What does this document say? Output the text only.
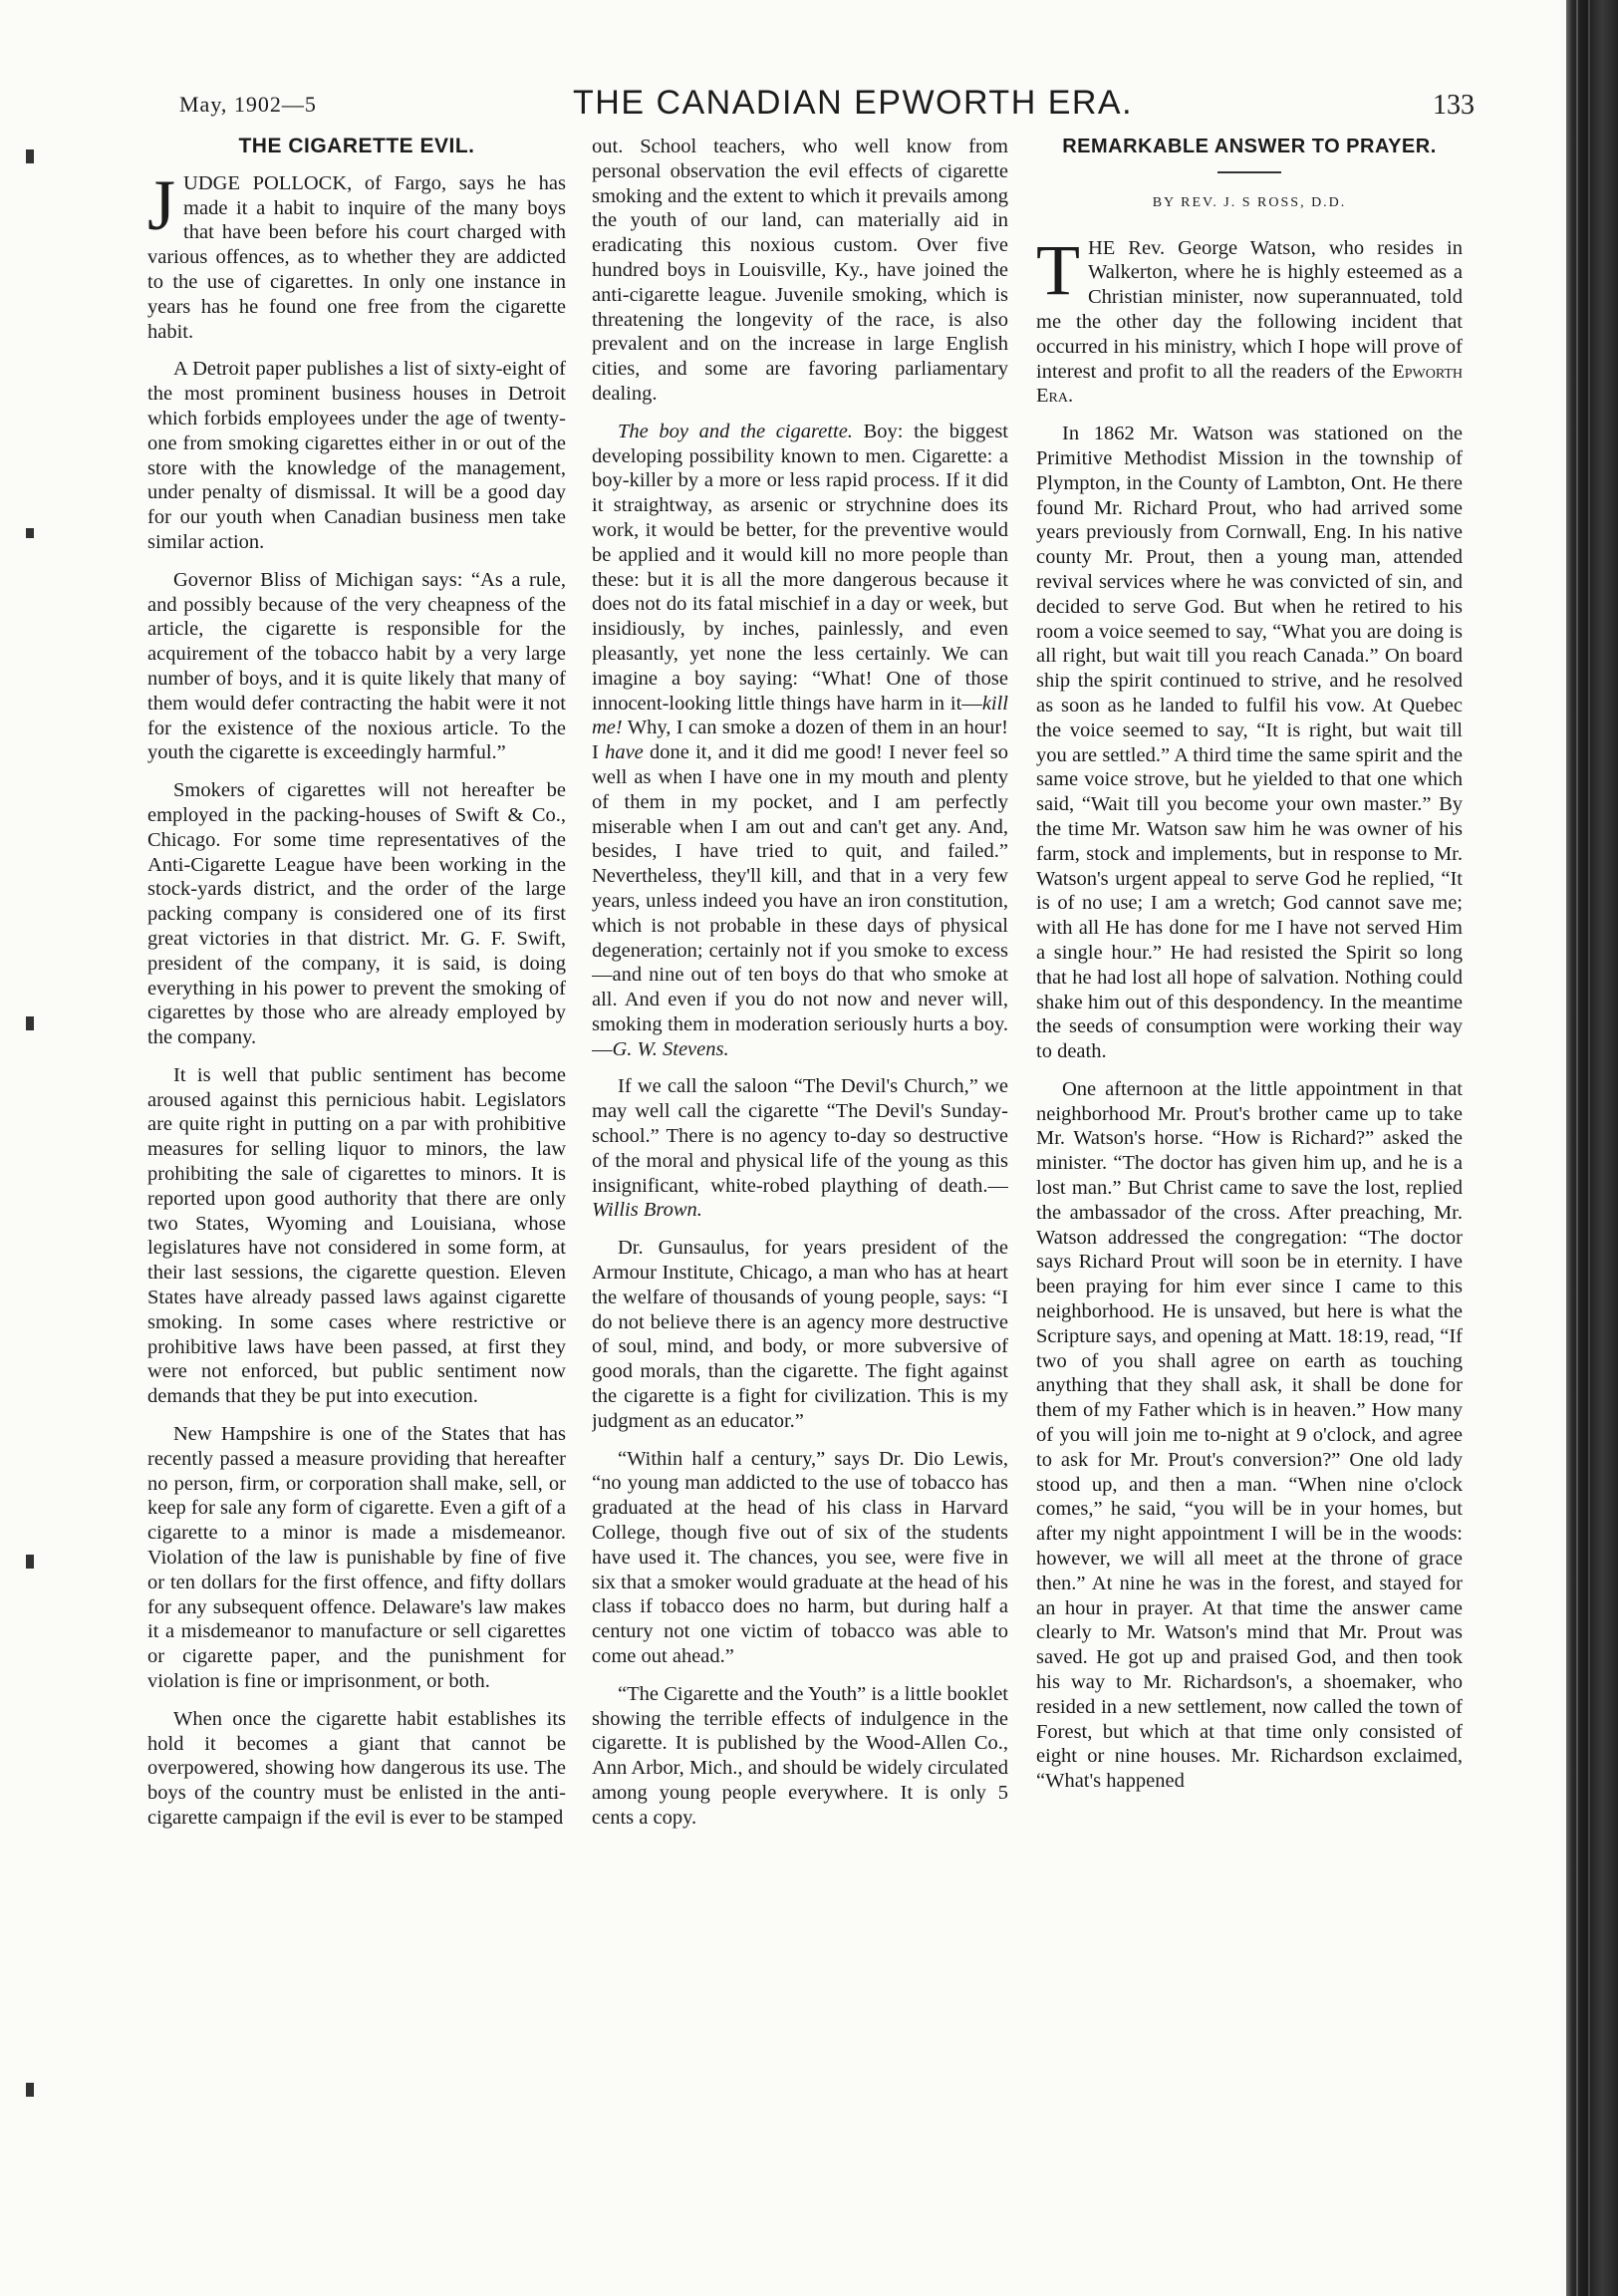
May, 1902—5	THE CANADIAN EPWORTH ERA.	133
THE CIGARETTE EVIL.

JUDGE POLLOCK, of Fargo, says he has made it a habit to inquire of the many boys that have been before his court charged with various offences, as to whether they are addicted to the use of cigarettes. In only one instance in years has he found one free from the cigarette habit.

A Detroit paper publishes a list of sixty-eight of the most prominent business houses in Detroit which forbids employees under the age of twenty-one from smoking cigarettes either in or out of the store with the knowledge of the management, under penalty of dismissal. It will be a good day for our youth when Canadian business men take similar action.

Governor Bliss of Michigan says: “As a rule, and possibly because of the very cheapness of the article, the cigarette is responsible for the acquirement of the tobacco habit by a very large number of boys, and it is quite likely that many of them would defer contracting the habit were it not for the existence of the noxious article. To the youth the cigarette is exceedingly harmful.”

Smokers of cigarettes will not hereafter be employed in the packing-houses of Swift & Co., Chicago. For some time representatives of the Anti-Cigarette League have been working in the stock-yards district, and the order of the large packing company is considered one of its first great victories in that district. Mr. G. F. Swift, president of the company, it is said, is doing everything in his power to prevent the smoking of cigarettes by those who are already employed by the company.

It is well that public sentiment has become aroused against this pernicious habit. Legislators are quite right in putting on a par with prohibitive measures for selling liquor to minors, the law prohibiting the sale of cigarettes to minors. It is reported upon good authority that there are only two States, Wyoming and Louisiana, whose legislatures have not considered in some form, at their last sessions, the cigarette question. Eleven States have already passed laws against cigarette smoking. In some cases where restrictive or prohibitive laws have been passed, at first they were not enforced, but public sentiment now demands that they be put into execution.

New Hampshire is one of the States that has recently passed a measure providing that hereafter no person, firm, or corporation shall make, sell, or keep for sale any form of cigarette. Even a gift of a cigarette to a minor is made a misdemeanor. Violation of the law is punishable by fine of five or ten dollars for the first offence, and fifty dollars for any subsequent offence. Delaware's law makes it a misdemeanor to manufacture or sell cigarettes or cigarette paper, and the punishment for violation is fine or imprisonment, or both.

When once the cigarette habit establishes its hold it becomes a giant that cannot be overpowered, showing how dangerous its use. The boys of the country must be enlisted in the anti-cigarette campaign if the evil is ever to be stamped

out. School teachers, who well know from personal observation the evil effects of cigarette smoking and the extent to which it prevails among the youth of our land, can materially aid in eradicating this noxious custom. Over five hundred boys in Louisville, Ky., have joined the anti-cigarette league. Juvenile smoking, which is threatening the longevity of the race, is also prevalent and on the increase in large English cities, and some are favoring parliamentary dealing.

The boy and the cigarette. Boy: the biggest developing possibility known to men. Cigarette: a boy-killer by a more or less rapid process. If it did it straightway, as arsenic or strychnine does its work, it would be better, for the preventive would be applied and it would kill no more people than these: but it is all the more dangerous because it does not do its fatal mischief in a day or week, but insidiously, by inches, painlessly, and even pleasantly, yet none the less certainly. We can imagine a boy saying: “What! One of those innocent-looking little things have harm in it—kill me! Why, I can smoke a dozen of them in an hour! I have done it, and it did me good! I never feel so well as when I have one in my mouth and plenty of them in my pocket, and I am perfectly miserable when I am out and can't get any. And, besides, I have tried to quit, and failed.” Nevertheless, they'll kill, and that in a very few years, unless indeed you have an iron constitution, which is not probable in these days of physical degeneration; certainly not if you smoke to excess—and nine out of ten boys do that who smoke at all. And even if you do not now and never will, smoking them in moderation seriously hurts a boy.—G. W. Stevens.

If we call the saloon “The Devil's Church,” we may well call the cigarette “The Devil's Sunday-school.” There is no agency to-day so destructive of the moral and physical life of the young as this insignificant, white-robed plaything of death.— Willis Brown.

Dr. Gunsaulus, for years president of the Armour Institute, Chicago, a man who has at heart the welfare of thousands of young people, says: “I do not believe there is an agency more destructive of soul, mind, and body, or more subversive of good morals, than the cigarette. The fight against the cigarette is a fight for civilization. This is my judgment as an educator.”

“Within half a century,” says Dr. Dio Lewis, “no young man addicted to the use of tobacco has graduated at the head of his class in Harvard College, though five out of six of the students have used it. The chances, you see, were five in six that a smoker would graduate at the head of his class if tobacco does no harm, but during half a century not one victim of tobacco was able to come out ahead.”

“The Cigarette and the Youth” is a little booklet showing the terrible effects of indulgence in the cigarette. It is published by the Wood-Allen Co., Ann Arbor, Mich., and should be widely circulated among young people everywhere. It is only 5 cents a copy.

REMARKABLE ANSWER TO PRAYER.
BY REV. J. S ROSS, D.D.

THE Rev. George Watson, who resides in Walkerton, where he is highly esteemed as a Christian minister, now superannuated, told me the other day the following incident that occurred in his ministry, which I hope will prove of interest and profit to all the readers of the Epworth Era.

In 1862 Mr. Watson was stationed on the Primitive Methodist Mission in the township of Plympton, in the County of Lambton, Ont. He there found Mr. Richard Prout, who had arrived some years previously from Cornwall, Eng. In his native county Mr. Prout, then a young man, attended revival services where he was convicted of sin, and decided to serve God. But when he retired to his room a voice seemed to say, “What you are doing is all right, but wait till you reach Canada.” On board ship the spirit continued to strive, and he resolved as soon as he landed to fulfil his vow. At Quebec the voice seemed to say, “It is right, but wait till you are settled.” A third time the same spirit and the same voice strove, but he yielded to that one which said, “Wait till you become your own master.” By the time Mr. Watson saw him he was owner of his farm, stock and implements, but in response to Mr. Watson's urgent appeal to serve God he replied, “It is of no use; I am a wretch; God cannot save me; with all He has done for me I have not served Him a single hour.” He had resisted the Spirit so long that he had lost all hope of salvation. Nothing could shake him out of this despondency. In the meantime the seeds of consumption were working their way to death.

One afternoon at the little appointment in that neighborhood Mr. Prout's brother came up to take Mr. Watson's horse. “How is Richard?” asked the minister. “The doctor has given him up, and he is a lost man.” But Christ came to save the lost, replied the ambassador of the cross. After preaching, Mr. Watson addressed the congregation: “The doctor says Richard Prout will soon be in eternity. I have been praying for him ever since I came to this neighborhood. He is unsaved, but here is what the Scripture says, and opening at Matt. 18:19, read, “If two of you shall agree on earth as touching anything that they shall ask, it shall be done for them of my Father which is in heaven.” How many of you will join me to-night at 9 o'clock, and agree to ask for Mr. Prout's conversion?” One old lady stood up, and then a man. “When nine o'clock comes,” he said, “you will be in your homes, but after my night appointment I will be in the woods: however, we will all meet at the throne of grace then.” At nine he was in the forest, and stayed for an hour in prayer. At that time the answer came clearly to Mr. Watson's mind that Mr. Prout was saved. He got up and praised God, and then took his way to Mr. Richardson's, a shoemaker, who resided in a new settlement, now called the town of Forest, but which at that time only consisted of eight or nine houses. Mr. Richardson exclaimed, “What's happened
